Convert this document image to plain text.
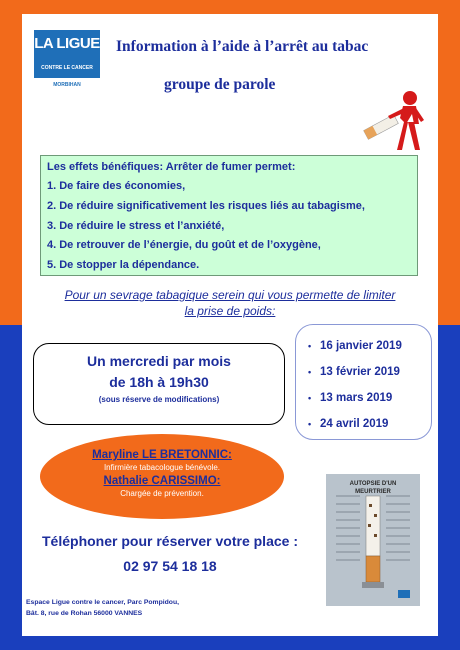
LA LIGUE
CONTRE LE CANCER
MORBIHAN
Information à l’aide à l’arrêt au tabac
groupe de parole
Les effets bénéfiques: Arrêter de fumer permet:
1. De faire des économies,
2. De réduire significativement les risques liés au tabagisme,
3. De réduire le stress et l’anxiété,
4. De retrouver de l’énergie, du goût et de l’oxygène,
5. De stopper la dépendance.
Pour un sevrage tabagique serein qui vous permette de limiter
la prise de poids:
• 16 janvier 2019
• 13 février 2019
• 13 mars 2019
• 24 avril 2019
Un mercredi par mois
de 18h à 19h30
(sous réserve de modifications)
Maryline LE BRETONNIC:
Infirmière tabacologue bénévole.
Nathalie CARISSIMO:
Chargée de prévention.
AUTOPSIE D'UN MEURTRIER
Téléphoner pour réserver votre place :
02 97 54 18 18
Espace Ligue contre le cancer, Parc Pompidou,
Bât. 8, rue de Rohan 56000 VANNES
